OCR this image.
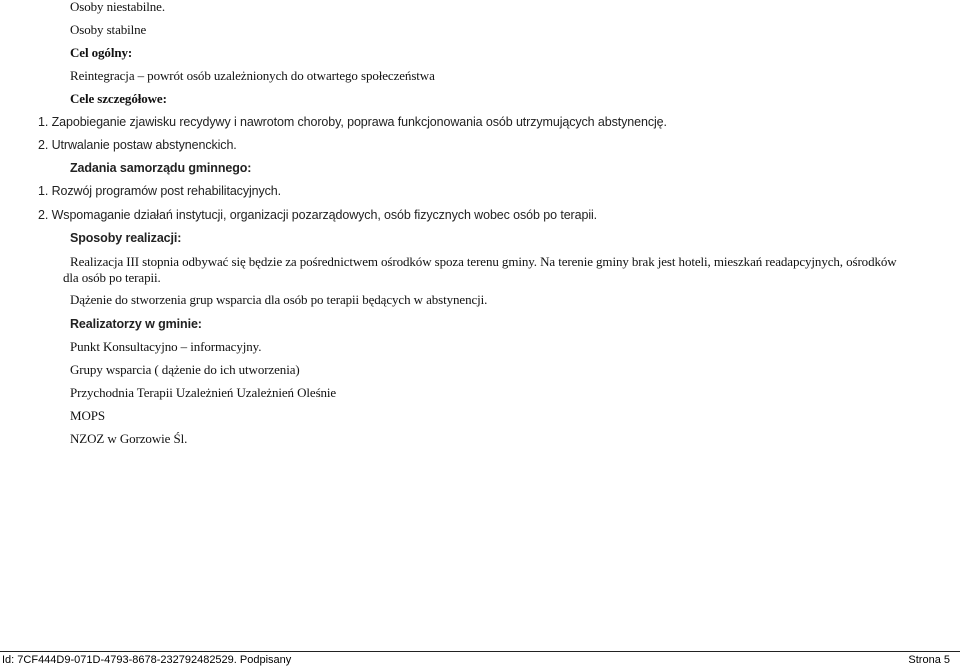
Osoby niestabilne.
Osoby stabilne
Cel ogólny:
Reintegracja – powrót osób uzależnionych do otwartego społeczeństwa
Cele szczegółowe:
1. Zapobieganie zjawisku recydywy i nawrotom choroby, poprawa funkcjonowania osób utrzymujących abstynencję.
2. Utrwalanie postaw abstynenckich.
Zadania samorządu gminnego:
1. Rozwój programów post rehabilitacyjnych.
2. Wspomaganie działań instytucji, organizacji pozarządowych, osób fizycznych wobec osób po terapii.
Sposoby realizacji:
Realizacja III stopnia odbywać się będzie za pośrednictwem ośrodków spoza terenu gminy. Na terenie gminy brak jest hoteli, mieszkań readapcyjnych, ośrodków
dla osób po terapii.
Dążenie do stworzenia grup wsparcia dla osób po terapii będących w abstynencji.
Realizatorzy w gminie:
Punkt Konsultacyjno – informacyjny.
Grupy wsparcia ( dążenie do ich utworzenia)
Przychodnia Terapii Uzależnień Uzależnień Oleśnie
MOPS
NZOZ w Gorzowie Śl.
Id: 7CF444D9-071D-4793-8678-232792482529. Podpisany	Strona 5
